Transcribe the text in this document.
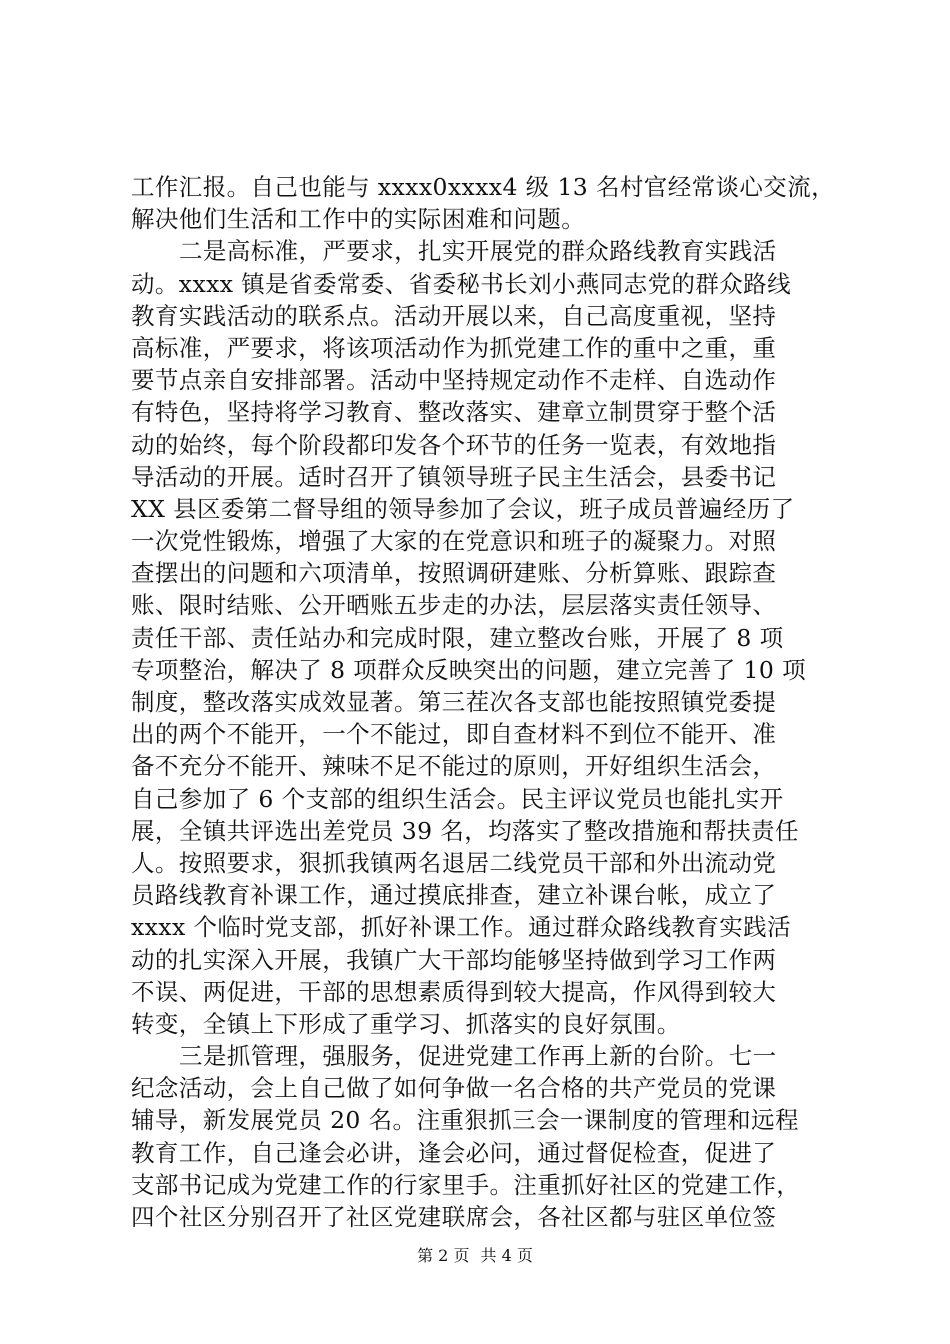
工作汇报。自己也能与 xxxx0xxxx4 级 13 名村官经常谈心交流，
解决他们生活和工作中的实际困难和问题。
二是高标准，严要求，扎实开展党的群众路线教育实践活
动。xxxx 镇是省委常委、省委秘书长刘小燕同志党的群众路线
教育实践活动的联系点。活动开展以来，自己高度重视，坚持
高标准，严要求，将该项活动作为抓党建工作的重中之重，重
要节点亲自安排部署。活动中坚持规定动作不走样、自选动作
有特色，坚持将学习教育、整改落实、建章立制贯穿于整个活
动的始终，每个阶段都印发各个环节的任务一览表，有效地指
导活动的开展。适时召开了镇领导班子民主生活会，县委书记
XX 县区委第二督导组的领导参加了会议，班子成员普遍经历了
一次党性锻炼，增强了大家的在党意识和班子的凝聚力。对照
查摆出的问题和六项清单，按照调研建账、分析算账、跟踪查
账、限时结账、公开晒账五步走的办法，层层落实责任领导、
责任干部、责任站办和完成时限，建立整改台账，开展了 8 项
专项整治，解决了 8 项群众反映突出的问题，建立完善了 10 项
制度，整改落实成效显著。第三茬次各支部也能按照镇党委提
出的两个不能开，一个不能过，即自查材料不到位不能开、准
备不充分不能开、辣味不足不能过的原则，开好组织生活会，
自己参加了 6 个支部的组织生活会。民主评议党员也能扎实开
展，全镇共评选出差党员 39 名，均落实了整改措施和帮扶责任
人。按照要求，狠抓我镇两名退居二线党员干部和外出流动党
员路线教育补课工作，通过摸底排查，建立补课台帐，成立了
xxxx 个临时党支部，抓好补课工作。通过群众路线教育实践活
动的扎实深入开展，我镇广大干部均能够坚持做到学习工作两
不误、两促进，干部的思想素质得到较大提高，作风得到较大
转变，全镇上下形成了重学习、抓落实的良好氛围。
三是抓管理，强服务，促进党建工作再上新的台阶。七一
纪念活动，会上自己做了如何争做一名合格的共产党员的党课
辅导，新发展党员 20 名。注重狠抓三会一课制度的管理和远程
教育工作，自己逢会必讲，逢会必问，通过督促检查，促进了
支部书记成为党建工作的行家里手。注重抓好社区的党建工作，
四个社区分别召开了社区党建联席会，各社区都与驻区单位签
第 2 页 共 4 页
